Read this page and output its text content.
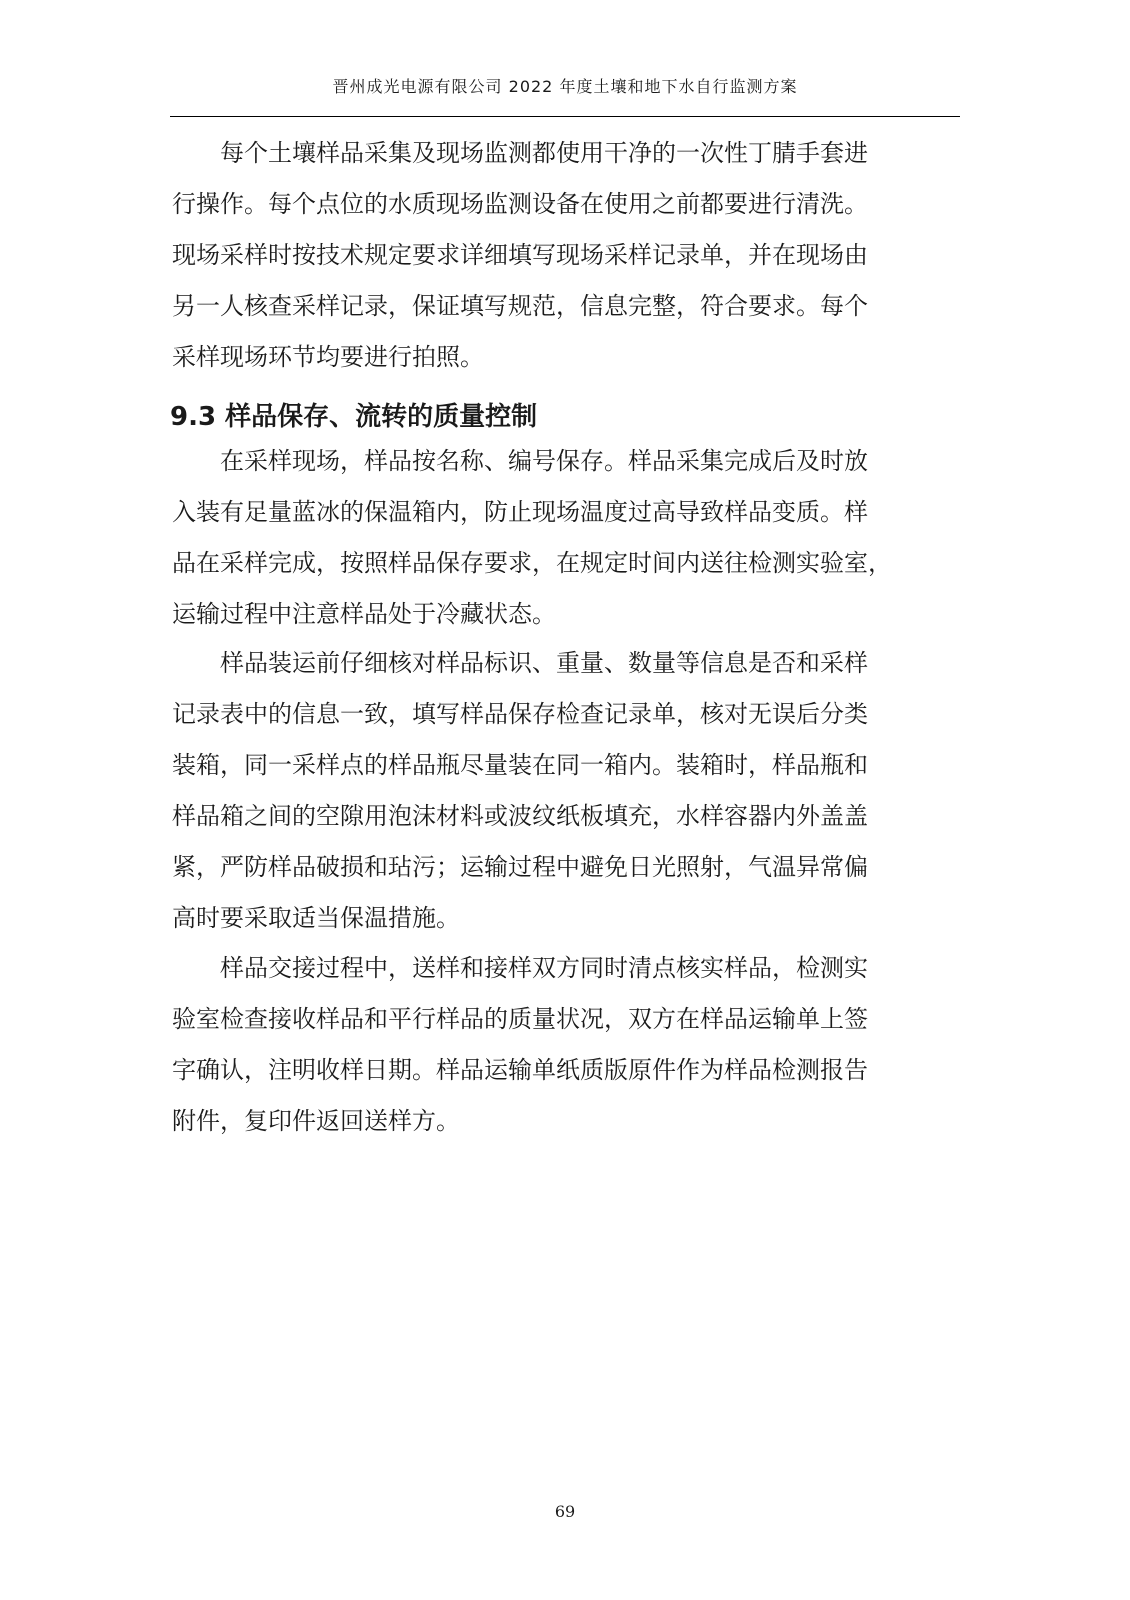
晋州成光电源有限公司 2022 年度土壤和地下水自行监测方案
　　每个土壤样品采集及现场监测都使用干净的一次性丁腈手套进
行操作。每个点位的水质现场监测设备在使用之前都要进行清洗。
现场采样时按技术规定要求详细填写现场采样记录单，并在现场由
另一人核查采样记录，保证填写规范，信息完整，符合要求。每个
采样现场环节均要进行拍照。
9.3 样品保存、流转的质量控制
　　在采样现场，样品按名称、编号保存。样品采集完成后及时放
入装有足量蓝冰的保温箱内，防止现场温度过高导致样品变质。样
品在采样完成，按照样品保存要求，在规定时间内送往检测实验室，
运输过程中注意样品处于冷藏状态。
　　样品装运前仔细核对样品标识、重量、数量等信息是否和采样
记录表中的信息一致，填写样品保存检查记录单，核对无误后分类
装箱，同一采样点的样品瓶尽量装在同一箱内。装箱时，样品瓶和
样品箱之间的空隙用泡沫材料或波纹纸板填充，水样容器内外盖盖
紧，严防样品破损和玷污；运输过程中避免日光照射，气温异常偏
高时要采取适当保温措施。
　　样品交接过程中，送样和接样双方同时清点核实样品，检测实
验室检查接收样品和平行样品的质量状况，双方在样品运输单上签
字确认，注明收样日期。样品运输单纸质版原件作为样品检测报告
附件，复印件返回送样方。
69
